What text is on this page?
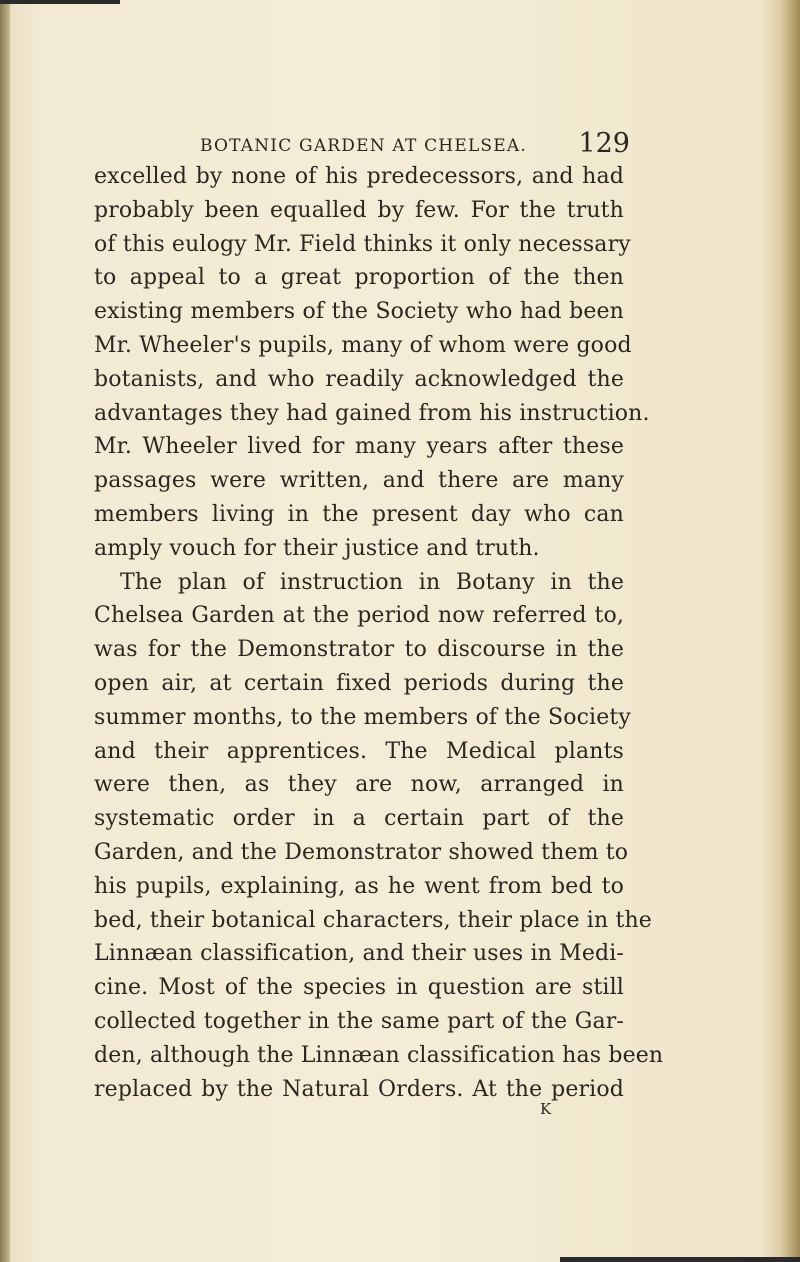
BOTANIC GARDEN AT CHELSEA. 129
excelled by none of his predecessors, and had
probably been equalled by few. For the truth
of this eulogy Mr. Field thinks it only necessary
to appeal to a great proportion of the then
existing members of the Society who had been
Mr. Wheeler's pupils, many of whom were good
botanists, and who readily acknowledged the
advantages they had gained from his instruction.
Mr. Wheeler lived for many years after these
passages were written, and there are many
members living in the present day who can
amply vouch for their justice and truth.
The plan of instruction in Botany in the
Chelsea Garden at the period now referred to,
was for the Demonstrator to discourse in the
open air, at certain fixed periods during the
summer months, to the members of the Society
and their apprentices. The Medical plants
were then, as they are now, arranged in
systematic order in a certain part of the
Garden, and the Demonstrator showed them to
his pupils, explaining, as he went from bed to
bed, their botanical characters, their place in the
Linnæan classification, and their uses in Medi-
cine. Most of the species in question are still
collected together in the same part of the Gar-
den, although the Linnæan classification has been
replaced by the Natural Orders. At the period
K
